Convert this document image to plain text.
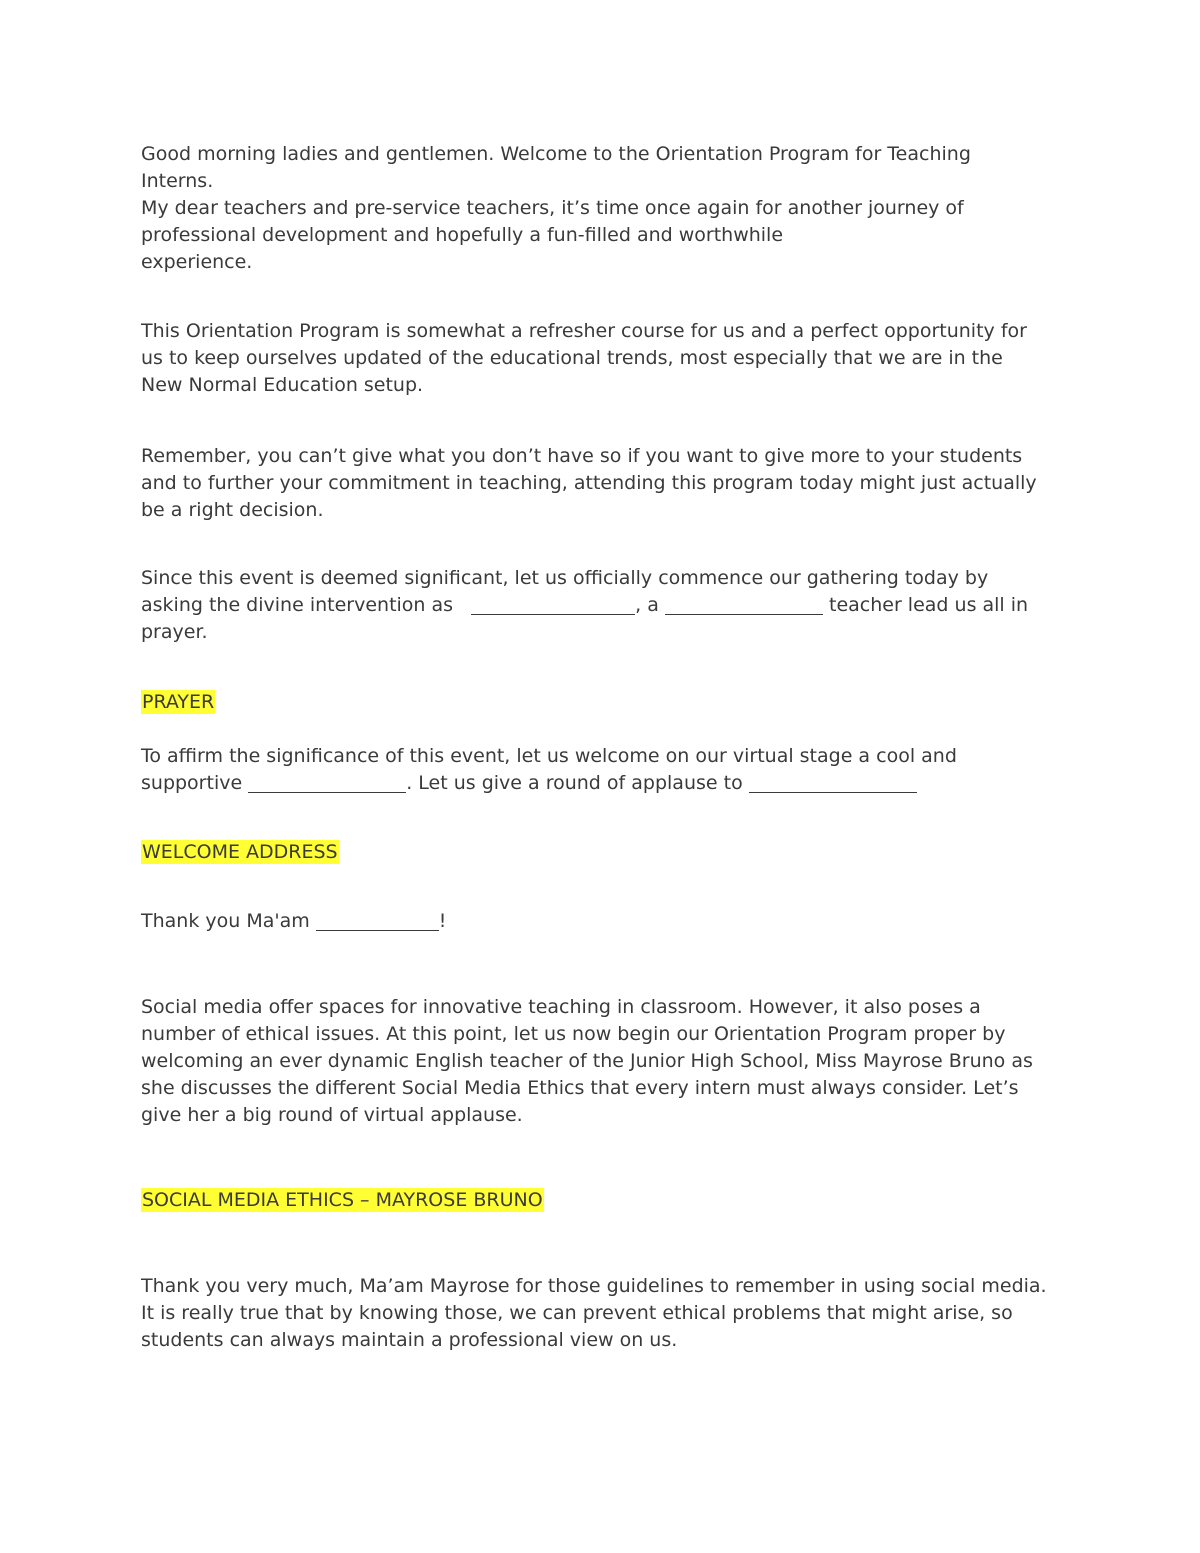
Good morning ladies and gentlemen. Welcome to the Orientation Program for Teaching
Interns.
My dear teachers and pre-service teachers, it’s time once again for another journey of
professional development and hopefully a fun-filled and worthwhile
experience.

This Orientation Program is somewhat a refresher course for us and a perfect opportunity for
us to keep ourselves updated of the educational trends, most especially that we are in the
New Normal Education setup.

Remember, you can’t give what you don’t have so if you want to give more to your students
and to further your commitment in teaching, attending this program today might just actually
be a right decision.

Since this event is deemed significant, let us officially commence our gathering today by
asking the divine intervention as	, a	teacher lead us all in
prayer.

PRAYER

To affirm the significance of this event, let us welcome on our virtual stage a cool and
supportive	. Let us give a round of applause to

WELCOME ADDRESS

Thank you Ma'am	!

Social media offer spaces for innovative teaching in classroom. However, it also poses a
number of ethical issues. At this point, let us now begin our Orientation Program proper by
welcoming an ever dynamic English teacher of the Junior High School, Miss Mayrose Bruno as
she discusses the different Social Media Ethics that every intern must always consider. Let’s
give her a big round of virtual applause.

SOCIAL MEDIA ETHICS – MAYROSE BRUNO

Thank you very much, Ma’am Mayrose for those guidelines to remember in using social media.
It is really true that by knowing those, we can prevent ethical problems that might arise, so
students can always maintain a professional view on us.
